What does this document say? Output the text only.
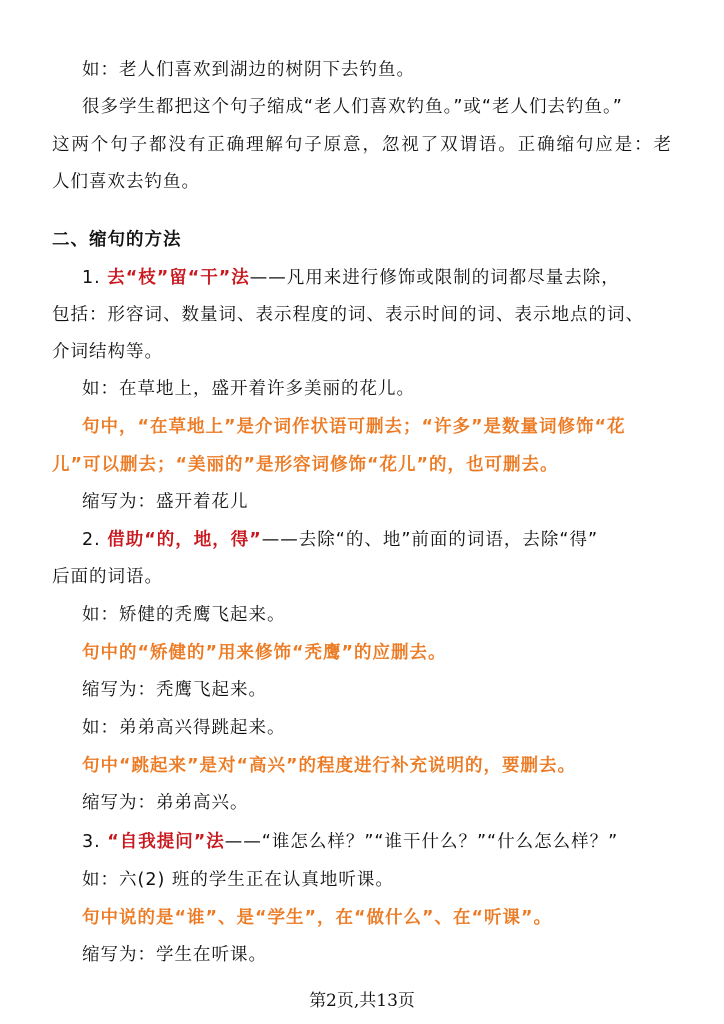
如：老人们喜欢到湖边的树阴下去钓鱼。
很多学生都把这个句子缩成“老人们喜欢钓鱼。”或“老人们去钓鱼。”
这两个句子都没有正确理解句子原意，忽视了双谓语。正确缩句应是：老
人们喜欢去钓鱼。
二、缩句的方法
1. 去“枝”留“干”法——凡用来进行修饰或限制的词都尽量去除，
包括：形容词、数量词、表示程度的词、表示时间的词、表示地点的词、
介词结构等。
如：在草地上，盛开着许多美丽的花儿。
句中，“在草地上”是介词作状语可删去；“许多”是数量词修饰“花
儿”可以删去；“美丽的”是形容词修饰“花儿”的，也可删去。
缩写为：盛开着花儿
2. 借助“的，地，得”——去除“的、地”前面的词语，去除“得”
后面的词语。
如：矫健的秃鹰飞起来。
句中的“矫健的”用来修饰“秃鹰”的应删去。
缩写为：秃鹰飞起来。
如：弟弟高兴得跳起来。
句中“跳起来”是对“高兴”的程度进行补充说明的，要删去。
缩写为：弟弟高兴。
3. “自我提问”法——“谁怎么样？”“谁干什么？”“什么怎么样？”
如：六(2) 班的学生正在认真地听课。
句中说的是“谁”、是“学生”，在“做什么”、在“听课”。
缩写为：学生在听课。
第2页,共13页
